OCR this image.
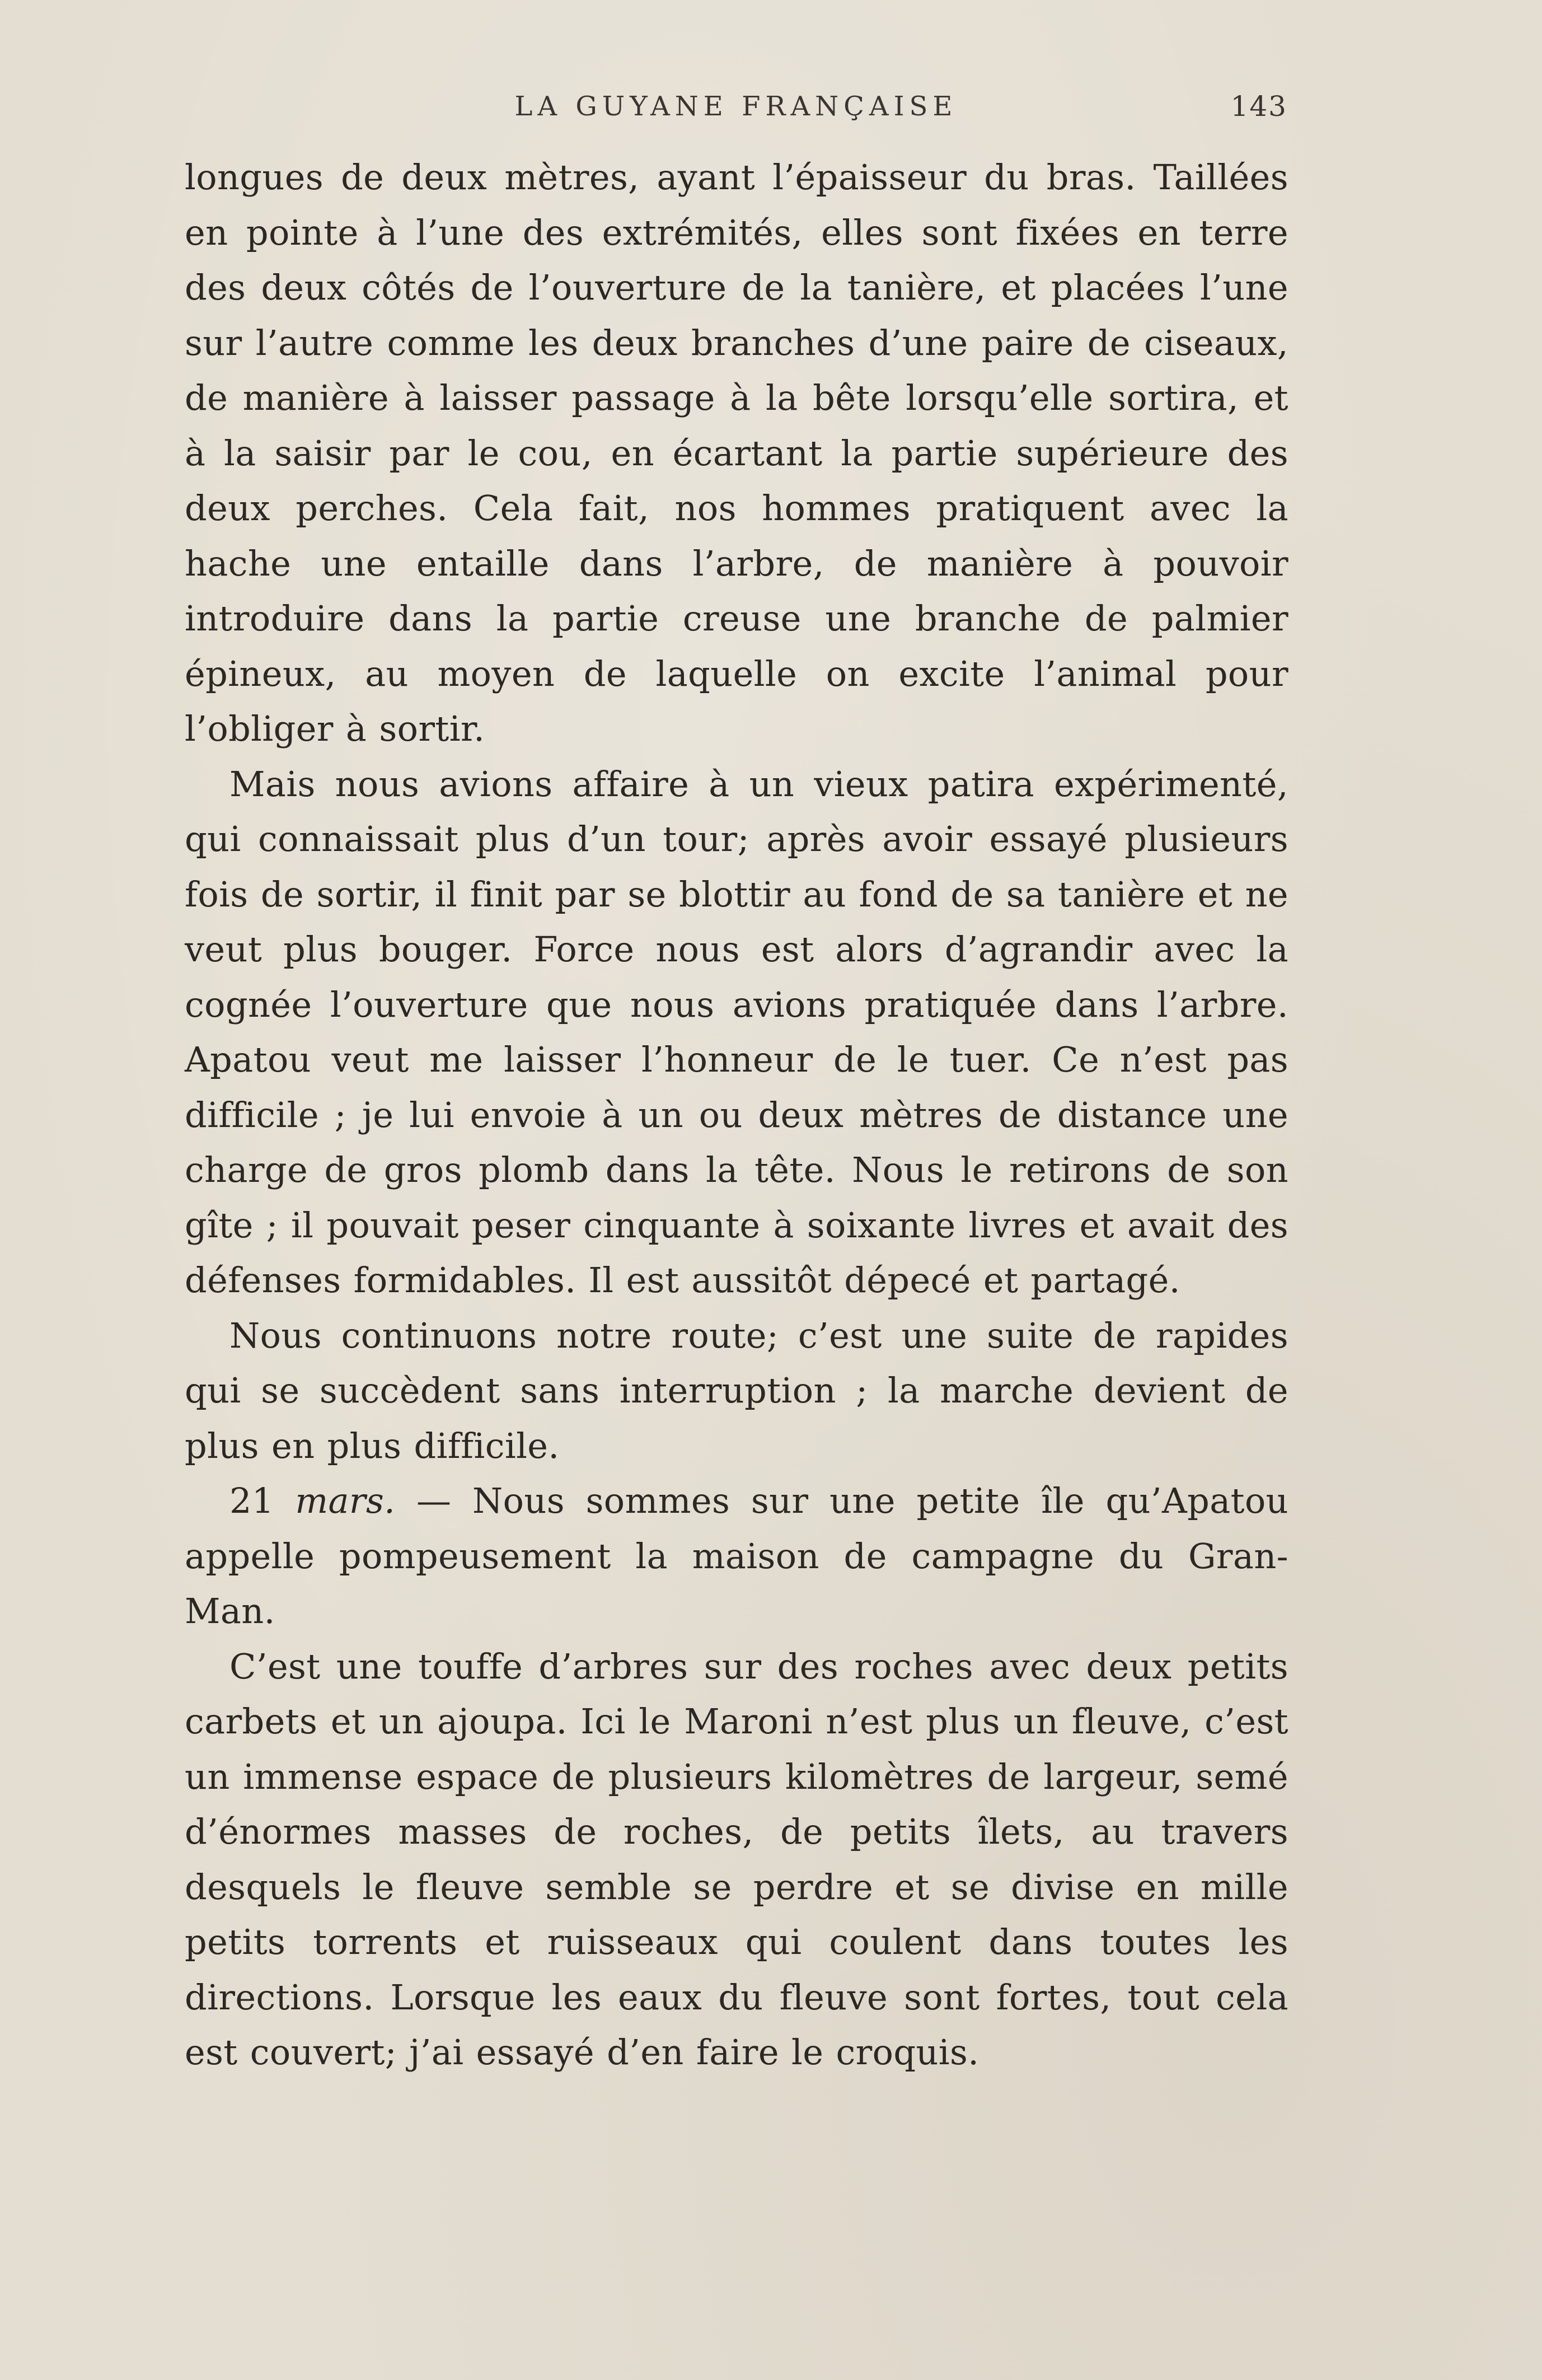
LA GUYANE FRANÇAISE	143

longues de deux mètres, ayant l’épaisseur du bras. Taillées en pointe à l’une des extrémités, elles sont fixées en terre des deux côtés de l’ouverture de la tanière, et placées l’une sur l’autre comme les deux branches d’une paire de ciseaux, de manière à laisser passage à la bête lorsqu’elle sortira, et à la saisir par le cou, en écartant la partie supérieure des deux perches. Cela fait, nos hommes pratiquent avec la hache une entaille dans l’arbre, de manière à pouvoir introduire dans la partie creuse une branche de palmier épineux, au moyen de laquelle on excite l’animal pour l’obliger à sortir.

Mais nous avions affaire à un vieux patira expérimenté, qui connaissait plus d’un tour; après avoir essayé plusieurs fois de sortir, il finit par se blottir au fond de sa tanière et ne veut plus bouger. Force nous est alors d’agrandir avec la cognée l’ouverture que nous avions pratiquée dans l’arbre. Apatou veut me laisser l’honneur de le tuer. Ce n’est pas difficile ; je lui envoie à un ou deux mètres de distance une charge de gros plomb dans la tête. Nous le retirons de son gîte ; il pouvait peser cinquante à soixante livres et avait des défenses formidables. Il est aussitôt dépecé et partagé.

Nous continuons notre route; c’est une suite de rapides qui se succèdent sans interruption ; la marche devient de plus en plus difficile.

21 mars. — Nous sommes sur une petite île qu’Apatou appelle pompeusement la maison de campagne du Gran-Man.

C’est une touffe d’arbres sur des roches avec deux petits carbets et un ajoupa. Ici le Maroni n’est plus un fleuve, c’est un immense espace de plusieurs kilomètres de largeur, semé d’énormes masses de roches, de petits îlets, au travers desquels le fleuve semble se perdre et se divise en mille petits torrents et ruisseaux qui coulent dans toutes les directions. Lorsque les eaux du fleuve sont fortes, tout cela est couvert; j’ai essayé d’en faire le croquis.
